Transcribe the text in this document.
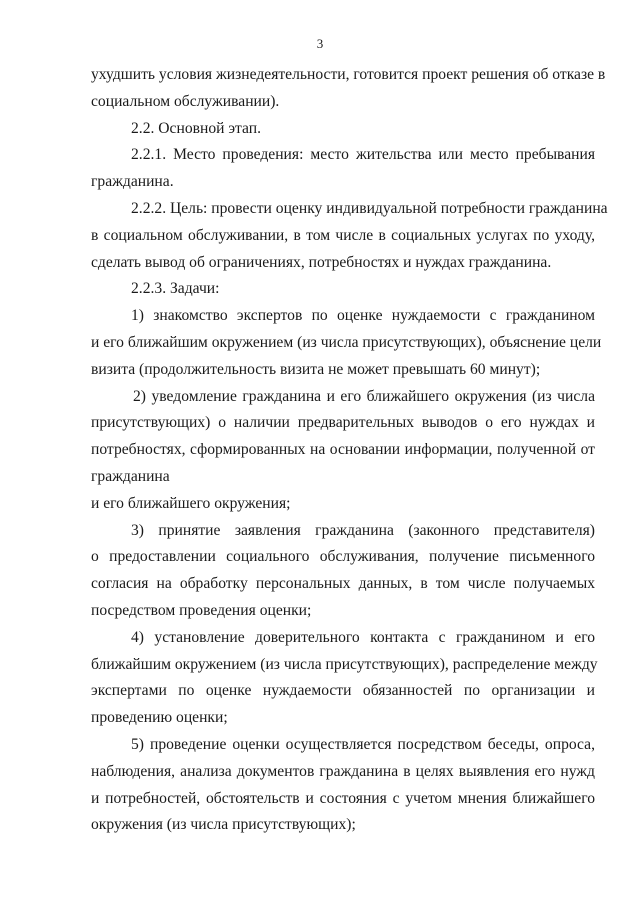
3
ухудшить условия жизнедеятельности, готовится проект решения об отказе в
социальном обслуживании).
2.2. Основной этап.
2.2.1. Место проведения: место жительства или место пребывания
гражданина.
2.2.2. Цель: провести оценку индивидуальной потребности гражданина
в социальном обслуживании, в том числе в социальных услугах по уходу,
сделать вывод об ограничениях, потребностях и нуждах гражданина.
2.2.3. Задачи:
1) знакомство экспертов по оценке нуждаемости с гражданином
и его ближайшим окружением (из числа присутствующих), объяснение цели
визита (продолжительность визита не может превышать 60 минут);
2) уведомление гражданина и его ближайшего окружения (из числа
присутствующих) о наличии предварительных выводов о его нуждах и
потребностях, сформированных на основании информации, полученной от
гражданина
и его ближайшего окружения;
3) принятие заявления гражданина (законного представителя)
о предоставлении социального обслуживания, получение письменного
согласия на обработку персональных данных, в том числе получаемых
посредством проведения оценки;
4) установление доверительного контакта с гражданином и его
ближайшим окружением (из числа присутствующих), распределение между
экспертами по оценке нуждаемости обязанностей по организации и
проведению оценки;
5) проведение оценки осуществляется посредством беседы, опроса,
наблюдения, анализа документов гражданина в целях выявления его нужд
и потребностей, обстоятельств и состояния с учетом мнения ближайшего
окружения (из числа присутствующих);
